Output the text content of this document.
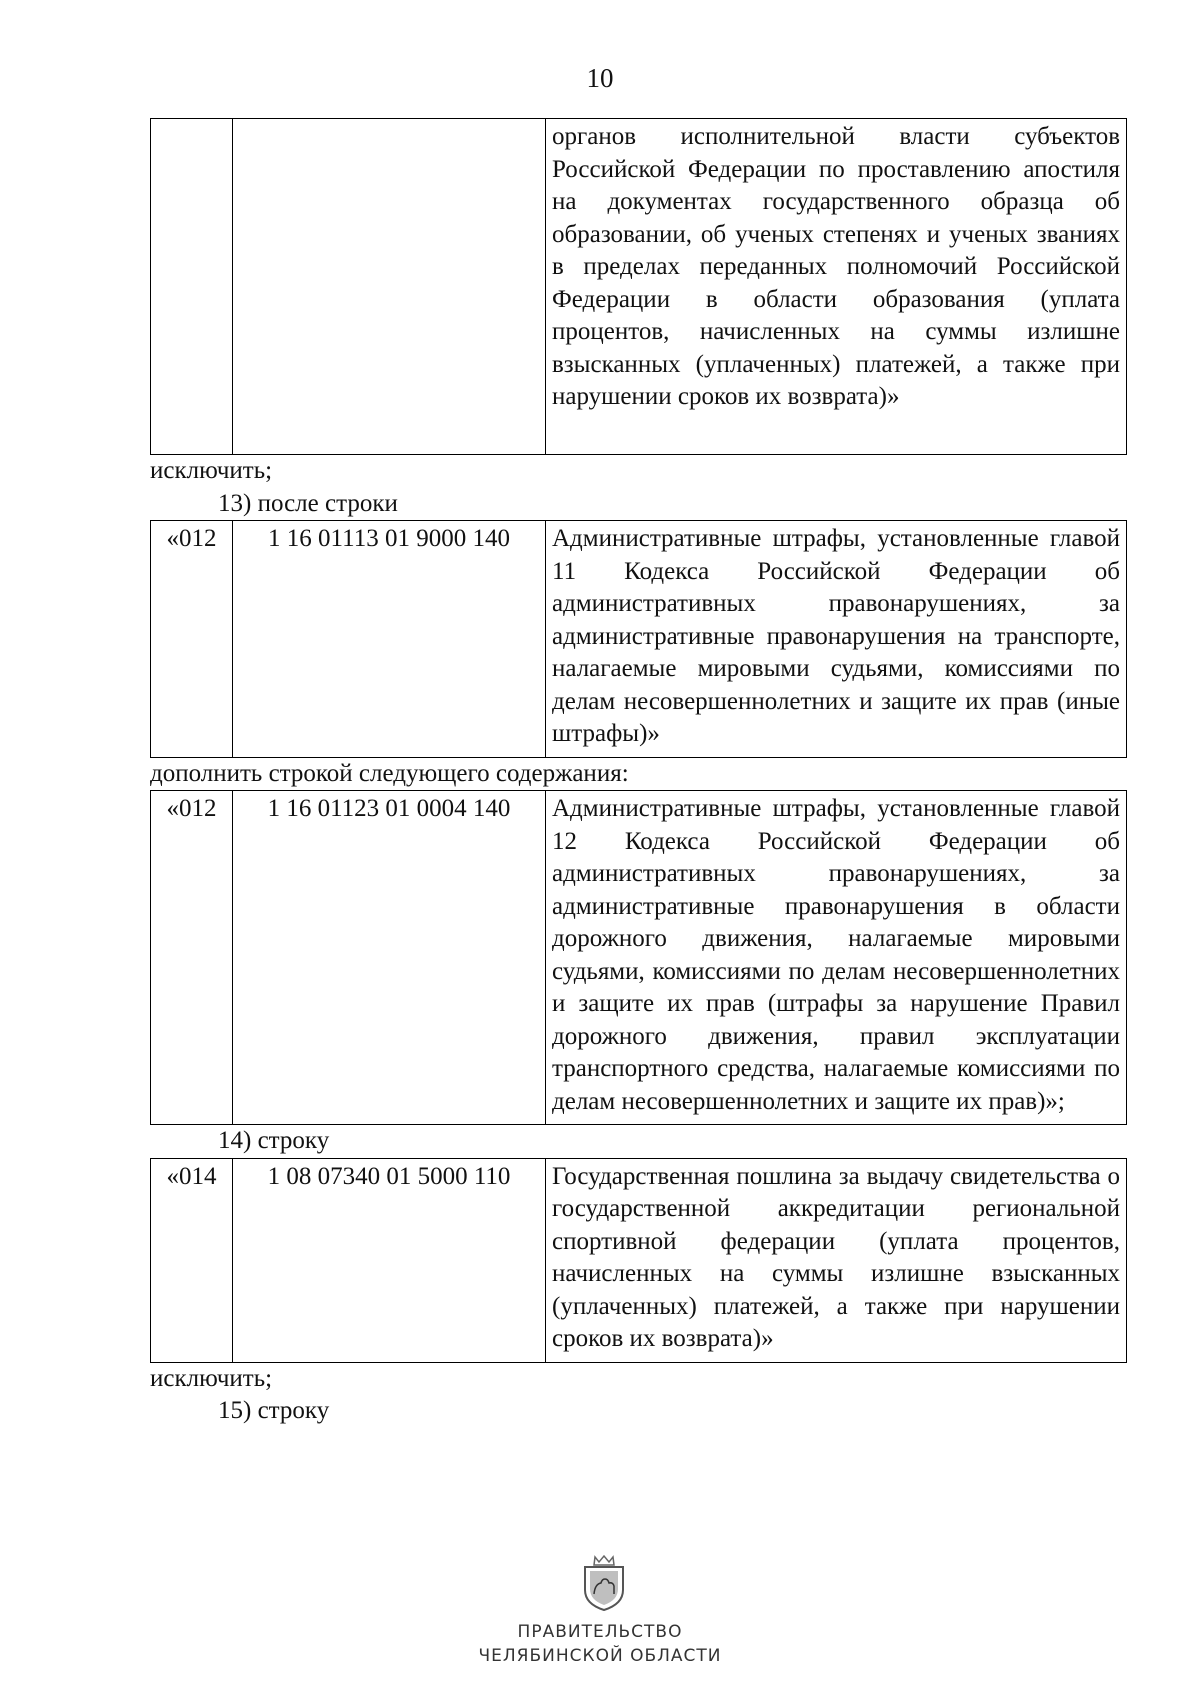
10
		органов исполнительной власти субъектов Российской Федерации по проставлению апостиля на документах государственного образца об образовании, об ученых степенях и ученых званиях в пределах переданных полномочий Российской Федерации в области образования (уплата процентов, начисленных на суммы излишне взысканных (уплаченных) платежей, а также при нарушении сроков их возврата)»

исключить;

13) после строки

«012	1 16 01113 01 9000 140	Административные штрафы, установленные главой 11 Кодекса Российской Федерации об административных правонарушениях, за административные правонарушения на транспорте, налагаемые мировыми судьями, комиссиями по делам несовершеннолетних и защите их прав (иные штрафы)»

дополнить строкой следующего содержания:

«012	1 16 01123 01 0004 140	Административные штрафы, установленные главой 12 Кодекса Российской Федерации об административных правонарушениях, за административные правонарушения в области дорожного движения, налагаемые мировыми судьями, комиссиями по делам несовершеннолетних и защите их прав (штрафы за нарушение Правил дорожного движения, правил эксплуатации транспортного средства, налагаемые комиссиями по делам несовершеннолетних и защите их прав)»;

14) строку

«014	1 08 07340 01 5000 110	Государственная пошлина за выдачу свидетельства о государственной аккредитации региональной спортивной федерации (уплата процентов, начисленных на суммы излишне взысканных (уплаченных) платежей, а также при нарушении сроков их возврата)»

исключить;

15) строку

ПРАВИТЕЛЬСТВО
ЧЕЛЯБИНСКОЙ ОБЛАСТИ
